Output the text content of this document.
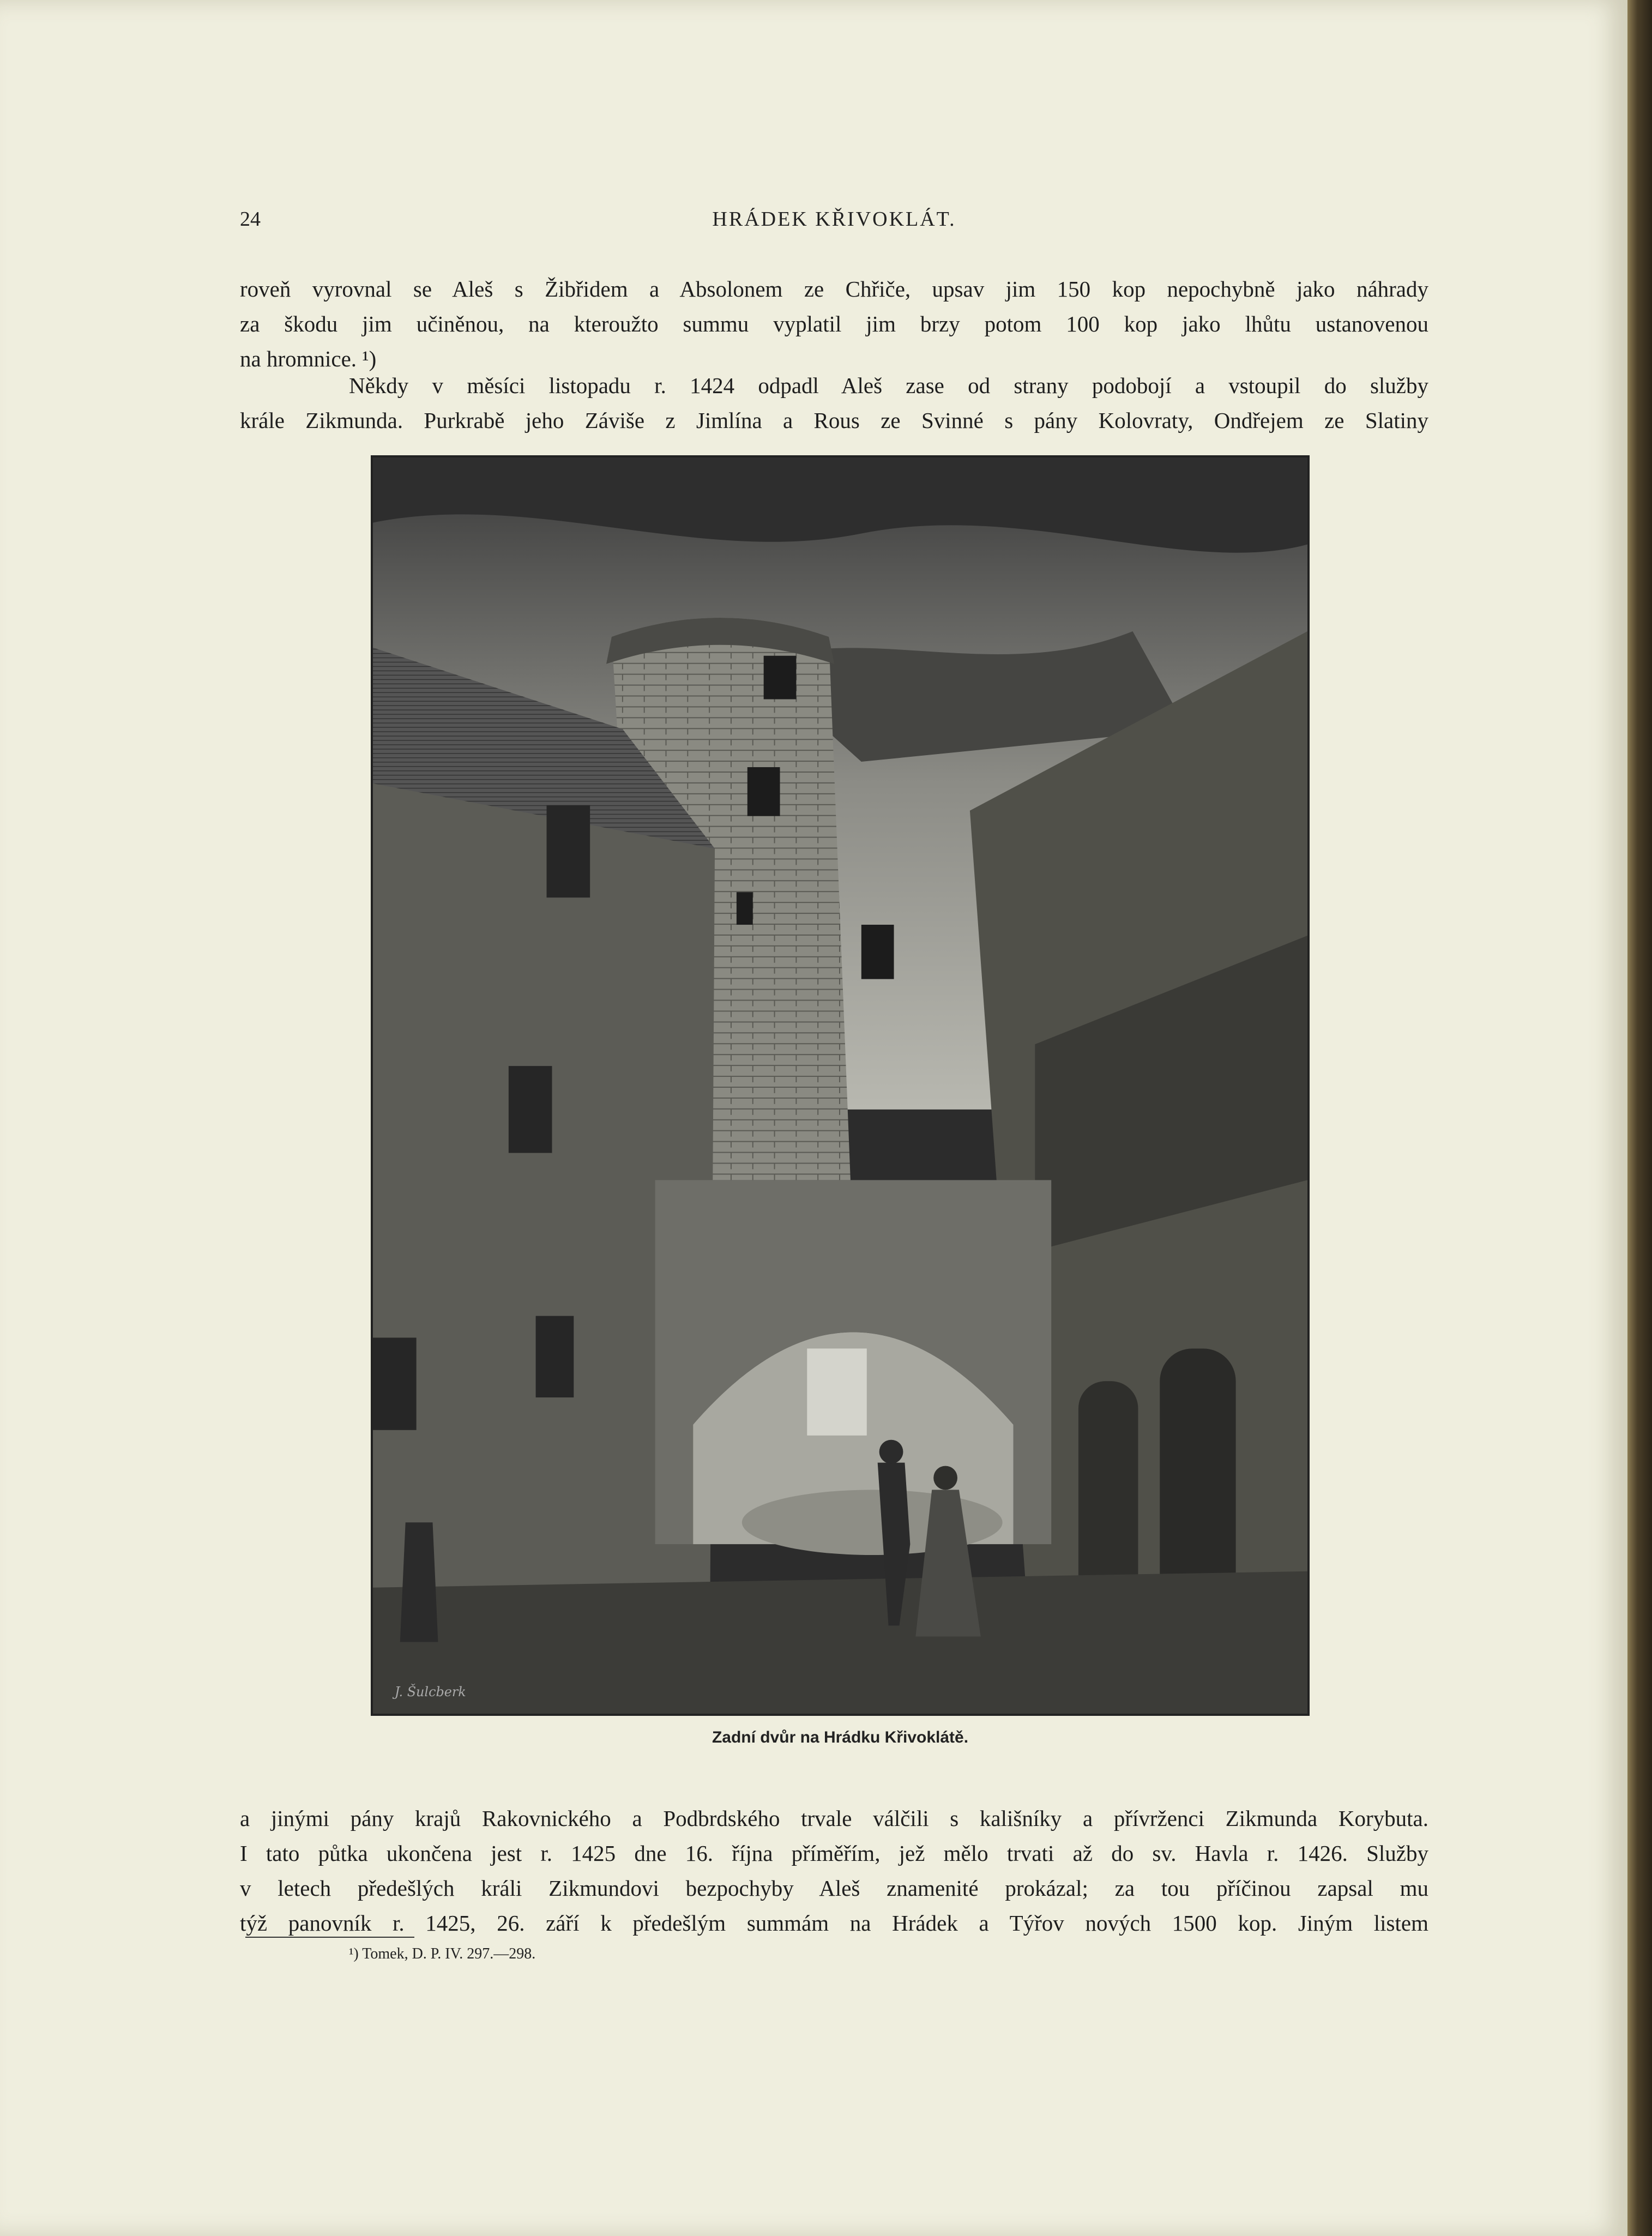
24	HRÁDEK KŘIVOKLÁT.

roveň vyrovnal se Aleš s Žibřidem a Absolonem ze Chřiče, upsav jim 150 kop nepochybně jako náhrady
za škodu jim učiněnou, na kteroužto summu vyplatil jim brzy potom 100 kop jako lhůtu ustanovenou
na hromnice. ¹)

Někdy v měsíci listopadu r. 1424 odpadl Aleš zase od strany podobojí a vstoupil do služby
krále Zikmunda. Purkrabě jeho Záviše z Jimlína a Rous ze Svinné s pány Kolovraty, Ondřejem ze Slatiny

J. Šulcberk
Zadní dvůr na Hrádku Křivoklátě.

a jinými pány krajů Rakovnického a Podbrdského trvale válčili s kališníky a přívrženci Zikmunda Korybuta.
I tato půtka ukončena jest r. 1425 dne 16. října příměřím, jež mělo trvati až do sv. Havla r. 1426. Služby
v letech předešlých králi Zikmundovi bezpochyby Aleš znamenité prokázal; za tou příčinou zapsal mu
týž panovník r. 1425, 26. září k předešlým summám na Hrádek a Týřov nových 1500 kop. Jiným listem

¹) Tomek, D. P. IV. 297.—298.
